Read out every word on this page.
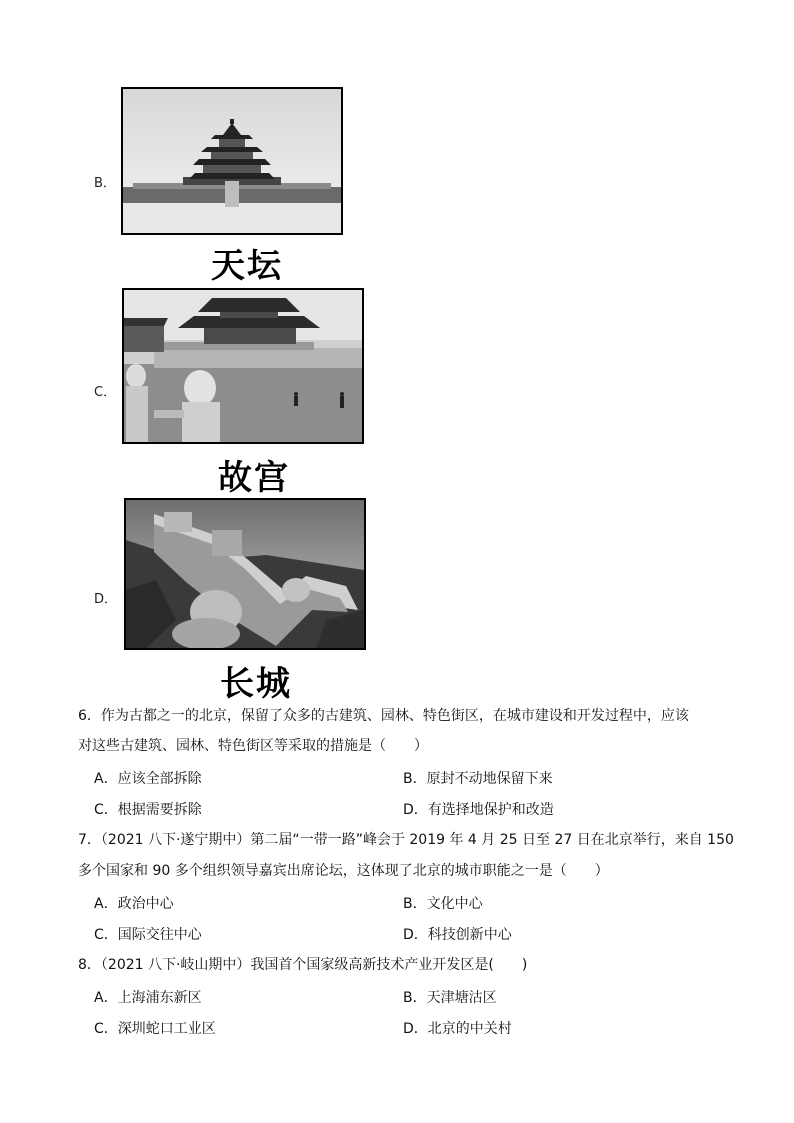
B．
天坛
C．
故宫
D．
长城
6．作为古都之一的北京，保留了众多的古建筑、园林、特色街区，在城市建设和开发过程中，应该
对这些古建筑、园林、特色街区等采取的措施是（　　）
A．应该全部拆除	B．原封不动地保留下来
C．根据需要拆除	D．有选择地保护和改造
7．（2021 八下·遂宁期中）第二届“一带一路”峰会于 2019 年 4 月 25 日至 27 日在北京举行，来自 150
多个国家和 90 多个组织领导嘉宾出席论坛，这体现了北京的城市职能之一是（　　）
A．政治中心	B．文化中心
C．国际交往中心	D．科技创新中心
8．（2021 八下·岐山期中）我国首个国家级高新技术产业开发区是(　　)
A．上海浦东新区	B．天津塘沽区
C．深圳蛇口工业区	D．北京的中关村
